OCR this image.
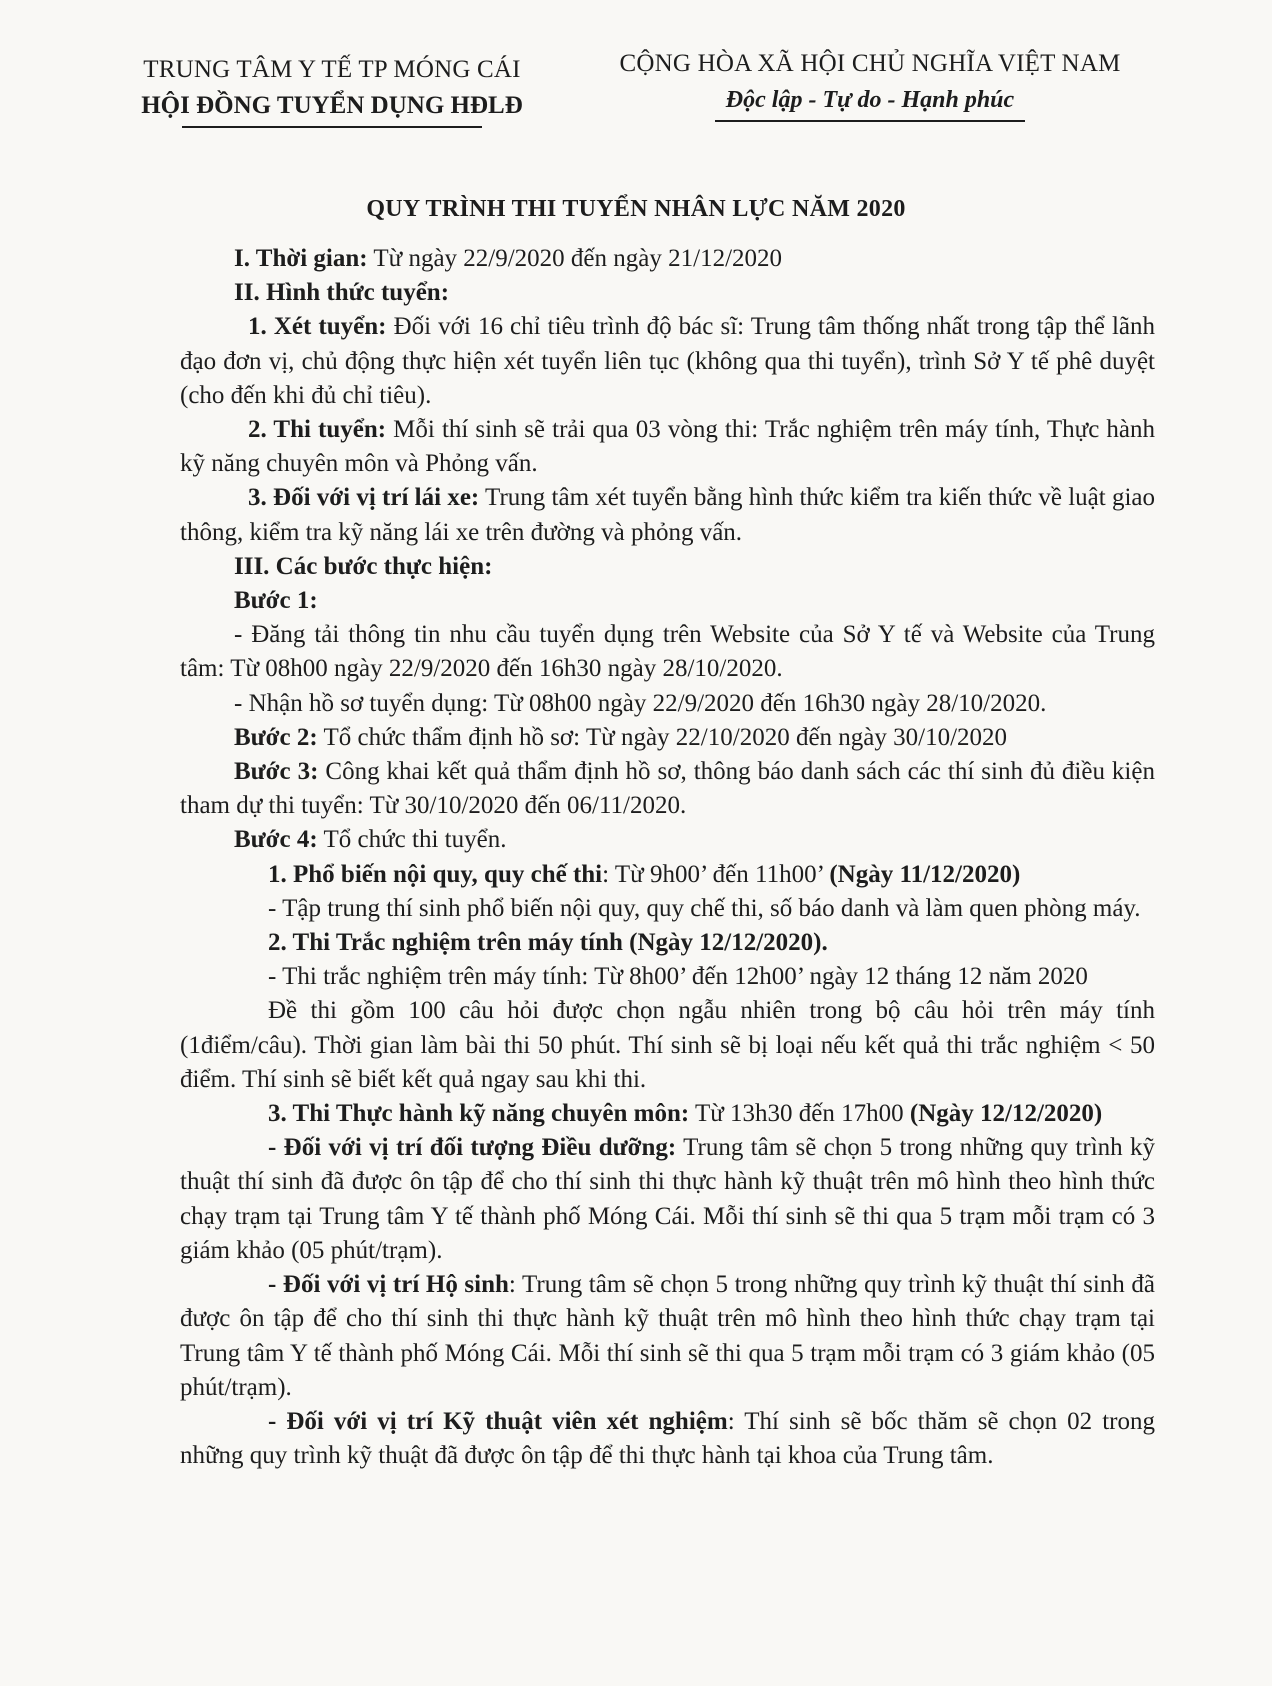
TRUNG TÂM Y TẾ TP MÓNG CÁI
HỘI ĐỒNG TUYỂN DỤNG HĐLĐ
CỘNG HÒA XÃ HỘI CHỦ NGHĨA VIỆT NAM
Độc lập - Tự do - Hạnh phúc
QUY TRÌNH THI TUYỂN NHÂN LỰC NĂM 2020

I. Thời gian: Từ ngày 22/9/2020 đến ngày 21/12/2020

II. Hình thức tuyển:

1. Xét tuyển: Đối với 16 chỉ tiêu trình độ bác sĩ: Trung tâm thống nhất trong tập thể lãnh đạo đơn vị, chủ động thực hiện xét tuyển liên tục (không qua thi tuyển), trình Sở Y tế phê duyệt (cho đến khi đủ chỉ tiêu).

2. Thi tuyển: Mỗi thí sinh sẽ trải qua 03 vòng thi: Trắc nghiệm trên máy tính, Thực hành kỹ năng chuyên môn và Phỏng vấn.

3. Đối với vị trí lái xe: Trung tâm xét tuyển bằng hình thức kiểm tra kiến thức về luật giao thông, kiểm tra kỹ năng lái xe trên đường và phỏng vấn.

III. Các bước thực hiện:

Bước 1:

- Đăng tải thông tin nhu cầu tuyển dụng trên Website của Sở Y tế và Website của Trung tâm: Từ 08h00 ngày 22/9/2020 đến 16h30 ngày 28/10/2020.

- Nhận hồ sơ tuyển dụng: Từ 08h00 ngày 22/9/2020 đến 16h30 ngày 28/10/2020.

Bước 2: Tổ chức thẩm định hồ sơ: Từ ngày 22/10/2020 đến ngày 30/10/2020

Bước 3: Công khai kết quả thẩm định hồ sơ, thông báo danh sách các thí sinh đủ điều kiện tham dự thi tuyển: Từ 30/10/2020 đến 06/11/2020.

Bước 4: Tổ chức thi tuyển.

1. Phổ biến nội quy, quy chế thi: Từ 9h00’ đến 11h00’ (Ngày 11/12/2020)

- Tập trung thí sinh phổ biến nội quy, quy chế thi, số báo danh và làm quen phòng máy.

2. Thi Trắc nghiệm trên máy tính (Ngày 12/12/2020).

- Thi trắc nghiệm trên máy tính: Từ 8h00’ đến 12h00’ ngày 12 tháng 12 năm 2020

Đề thi gồm 100 câu hỏi được chọn ngẫu nhiên trong bộ câu hỏi trên máy tính (1điểm/câu). Thời gian làm bài thi 50 phút. Thí sinh sẽ bị loại nếu kết quả thi trắc nghiệm < 50 điểm. Thí sinh sẽ biết kết quả ngay sau khi thi.

3. Thi Thực hành kỹ năng chuyên môn: Từ 13h30 đến 17h00 (Ngày 12/12/2020)

- Đối với vị trí đối tượng Điều dưỡng: Trung tâm sẽ chọn 5 trong những quy trình kỹ thuật thí sinh đã được ôn tập để cho thí sinh thi thực hành kỹ thuật trên mô hình theo hình thức chạy trạm tại Trung tâm Y tế thành phố Móng Cái. Mỗi thí sinh sẽ thi qua 5 trạm mỗi trạm có 3 giám khảo (05 phút/trạm).

- Đối với vị trí Hộ sinh: Trung tâm sẽ chọn 5 trong những quy trình kỹ thuật thí sinh đã được ôn tập để cho thí sinh thi thực hành kỹ thuật trên mô hình theo hình thức chạy trạm tại Trung tâm Y tế thành phố Móng Cái. Mỗi thí sinh sẽ thi qua 5 trạm mỗi trạm có 3 giám khảo (05 phút/trạm).

- Đối với vị trí Kỹ thuật viên xét nghiệm: Thí sinh sẽ bốc thăm sẽ chọn 02 trong những quy trình kỹ thuật đã được ôn tập để thi thực hành tại khoa của Trung tâm.
